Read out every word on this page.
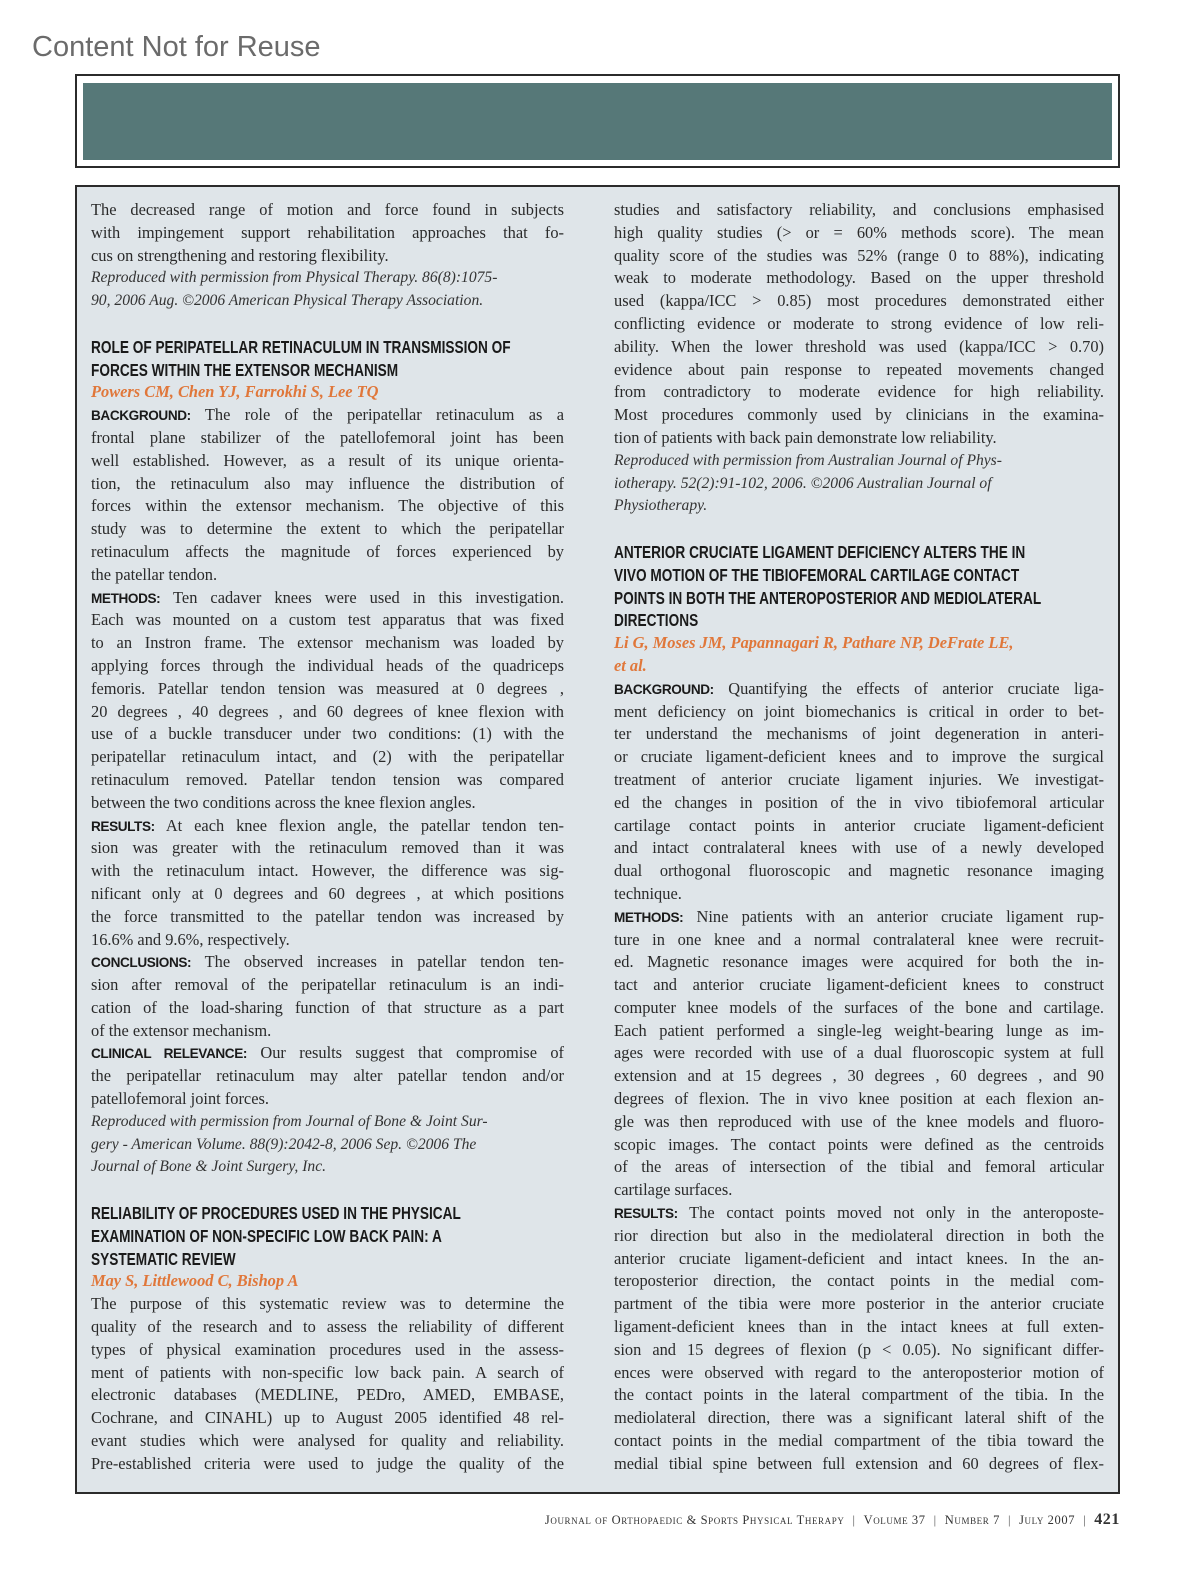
Content Not for Reuse
The decreased range of motion and force found in subjects
with impingement support rehabilitation approaches that fo-
cus on strengthening and restoring flexibility.
Reproduced with permission from Physical Therapy. 86(8):1075-
90, 2006 Aug. ©2006 American Physical Therapy Association.
ROLE OF PERIPATELLAR RETINACULUM IN TRANSMISSION OF
FORCES WITHIN THE EXTENSOR MECHANISM
Powers CM, Chen YJ, Farrokhi S, Lee TQ
BACKGROUND: The role of the peripatellar retinaculum as a
frontal plane stabilizer of the patellofemoral joint has been
well established. However, as a result of its unique orienta-
tion, the retinaculum also may influence the distribution of
forces within the extensor mechanism. The objective of this
study was to determine the extent to which the peripatellar
retinaculum affects the magnitude of forces experienced by
the patellar tendon.
METHODS: Ten cadaver knees were used in this investigation.
Each was mounted on a custom test apparatus that was fixed
to an Instron frame. The extensor mechanism was loaded by
applying forces through the individual heads of the quadriceps
femoris. Patellar tendon tension was measured at 0 degrees ,
20 degrees , 40 degrees , and 60 degrees of knee flexion with
use of a buckle transducer under two conditions: (1) with the
peripatellar retinaculum intact, and (2) with the peripatellar
retinaculum removed. Patellar tendon tension was compared
between the two conditions across the knee flexion angles.
RESULTS: At each knee flexion angle, the patellar tendon ten-
sion was greater with the retinaculum removed than it was
with the retinaculum intact. However, the difference was sig-
nificant only at 0 degrees and 60 degrees , at which positions
the force transmitted to the patellar tendon was increased by
16.6% and 9.6%, respectively.
CONCLUSIONS: The observed increases in patellar tendon ten-
sion after removal of the peripatellar retinaculum is an indi-
cation of the load-sharing function of that structure as a part
of the extensor mechanism.
CLINICAL RELEVANCE: Our results suggest that compromise of
the peripatellar retinaculum may alter patellar tendon and/or
patellofemoral joint forces.
Reproduced with permission from Journal of Bone & Joint Sur-
gery - American Volume. 88(9):2042-8, 2006 Sep. ©2006 The
Journal of Bone & Joint Surgery, Inc.
RELIABILITY OF PROCEDURES USED IN THE PHYSICAL
EXAMINATION OF NON-SPECIFIC LOW BACK PAIN: A
SYSTEMATIC REVIEW
May S, Littlewood C, Bishop A
The purpose of this systematic review was to determine the
quality of the research and to assess the reliability of different
types of physical examination procedures used in the assess-
ment of patients with non-specific low back pain. A search of
electronic databases (MEDLINE, PEDro, AMED, EMBASE,
Cochrane, and CINAHL) up to August 2005 identified 48 rel-
evant studies which were analysed for quality and reliability.
Pre-established criteria were used to judge the quality of the
studies and satisfactory reliability, and conclusions emphasised
high quality studies (> or = 60% methods score). The mean
quality score of the studies was 52% (range 0 to 88%), indicating
weak to moderate methodology. Based on the upper threshold
used (kappa/ICC > 0.85) most procedures demonstrated either
conflicting evidence or moderate to strong evidence of low reli-
ability. When the lower threshold was used (kappa/ICC > 0.70)
evidence about pain response to repeated movements changed
from contradictory to moderate evidence for high reliability.
Most procedures commonly used by clinicians in the examina-
tion of patients with back pain demonstrate low reliability.
Reproduced with permission from Australian Journal of Phys-
iotherapy. 52(2):91-102, 2006. ©2006 Australian Journal of
Physiotherapy.
ANTERIOR CRUCIATE LIGAMENT DEFICIENCY ALTERS THE IN
VIVO MOTION OF THE TIBIOFEMORAL CARTILAGE CONTACT
POINTS IN BOTH THE ANTEROPOSTERIOR AND MEDIOLATERAL
DIRECTIONS
Li G, Moses JM, Papannagari R, Pathare NP, DeFrate LE,
et al.
BACKGROUND: Quantifying the effects of anterior cruciate liga-
ment deficiency on joint biomechanics is critical in order to bet-
ter understand the mechanisms of joint degeneration in anteri-
or cruciate ligament-deficient knees and to improve the surgical
treatment of anterior cruciate ligament injuries. We investigat-
ed the changes in position of the in vivo tibiofemoral articular
cartilage contact points in anterior cruciate ligament-deficient
and intact contralateral knees with use of a newly developed
dual orthogonal fluoroscopic and magnetic resonance imaging
technique.
METHODS: Nine patients with an anterior cruciate ligament rup-
ture in one knee and a normal contralateral knee were recruit-
ed. Magnetic resonance images were acquired for both the in-
tact and anterior cruciate ligament-deficient knees to construct
computer knee models of the surfaces of the bone and cartilage.
Each patient performed a single-leg weight-bearing lunge as im-
ages were recorded with use of a dual fluoroscopic system at full
extension and at 15 degrees , 30 degrees , 60 degrees , and 90
degrees of flexion. The in vivo knee position at each flexion an-
gle was then reproduced with use of the knee models and fluoro-
scopic images. The contact points were defined as the centroids
of the areas of intersection of the tibial and femoral articular
cartilage surfaces.
RESULTS: The contact points moved not only in the anteroposte-
rior direction but also in the mediolateral direction in both the
anterior cruciate ligament-deficient and intact knees. In the an-
teroposterior direction, the contact points in the medial com-
partment of the tibia were more posterior in the anterior cruciate
ligament-deficient knees than in the intact knees at full exten-
sion and 15 degrees of flexion (p < 0.05). No significant differ-
ences were observed with regard to the anteroposterior motion of
the contact points in the lateral compartment of the tibia. In the
mediolateral direction, there was a significant lateral shift of the
contact points in the medial compartment of the tibia toward the
medial tibial spine between full extension and 60 degrees of flex-
Journal of Orthopaedic & Sports Physical Therapy | Volume 37 | Number 7 | July 2007 | 421
